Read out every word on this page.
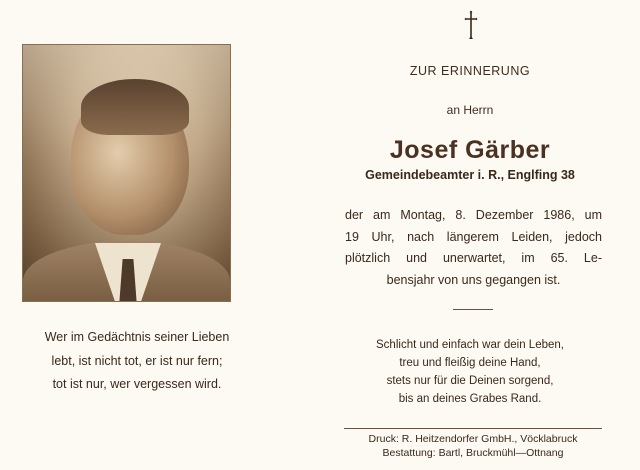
Wer im Gedächtnis seiner Lieben
lebt, ist nicht tot, er ist nur fern;
tot ist nur, wer vergessen wird.
ZUR ERINNERUNG
an Herrn
Josef Gärber
Gemeindebeamter i. R., Englfing 38
der am Montag, 8. Dezember 1986, um
19 Uhr, nach längerem Leiden, jedoch
plötzlich und unerwartet, im 65. Le-
bensjahr von uns gegangen ist.
Schlicht und einfach war dein Leben,
treu und fleißig deine Hand,
stets nur für die Deinen sorgend,
bis an deines Grabes Rand.
Druck: R. Heitzendorfer GmbH., Vöcklabruck
Bestattung: Bartl, Bruckmühl—Ottnang
